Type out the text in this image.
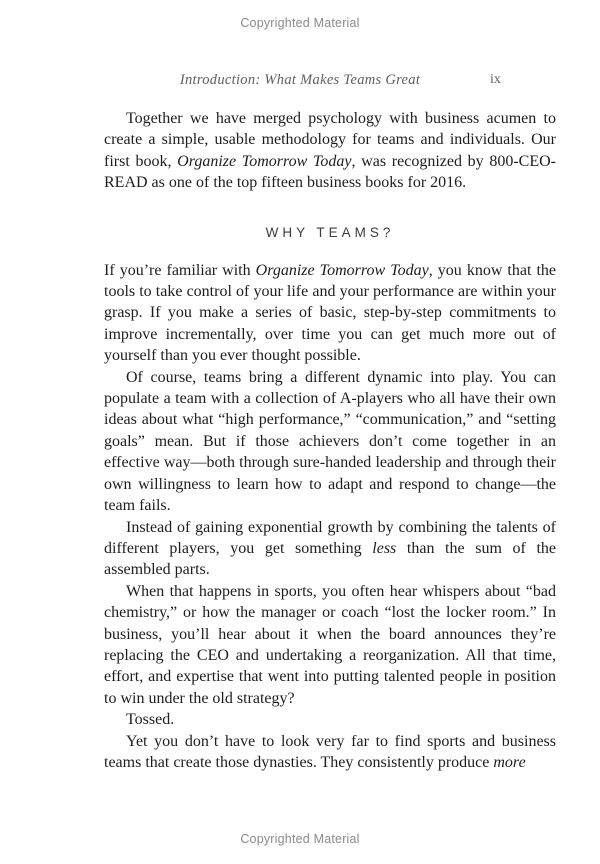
Copyrighted Material
Introduction: What Makes Teams Great	ix

Together we have merged psychology with business acumen to create a simple, usable methodology for teams and individuals. Our first book, Organize Tomorrow Today, was recognized by 800-CEO-READ as one of the top fifteen business books for 2016.

WHY TEAMS?

If you’re familiar with Organize Tomorrow Today, you know that the tools to take control of your life and your performance are within your grasp. If you make a series of basic, step-by-step commitments to improve incrementally, over time you can get much more out of yourself than you ever thought possible.

Of course, teams bring a different dynamic into play. You can populate a team with a collection of A-players who all have their own ideas about what “high performance,” “communication,” and “setting goals” mean. But if those achievers don’t come together in an effective way—both through sure-handed leadership and through their own willingness to learn how to adapt and respond to change—the team fails.

Instead of gaining exponential growth by combining the talents of different players, you get something less than the sum of the assembled parts.

When that happens in sports, you often hear whispers about “bad chemistry,” or how the manager or coach “lost the locker room.” In business, you’ll hear about it when the board announces they’re replacing the CEO and undertaking a reorganization. All that time, effort, and expertise that went into putting talented people in position to win under the old strategy?

Tossed.

Yet you don’t have to look very far to find sports and business teams that create those dynasties. They consistently produce more

Copyrighted Material
